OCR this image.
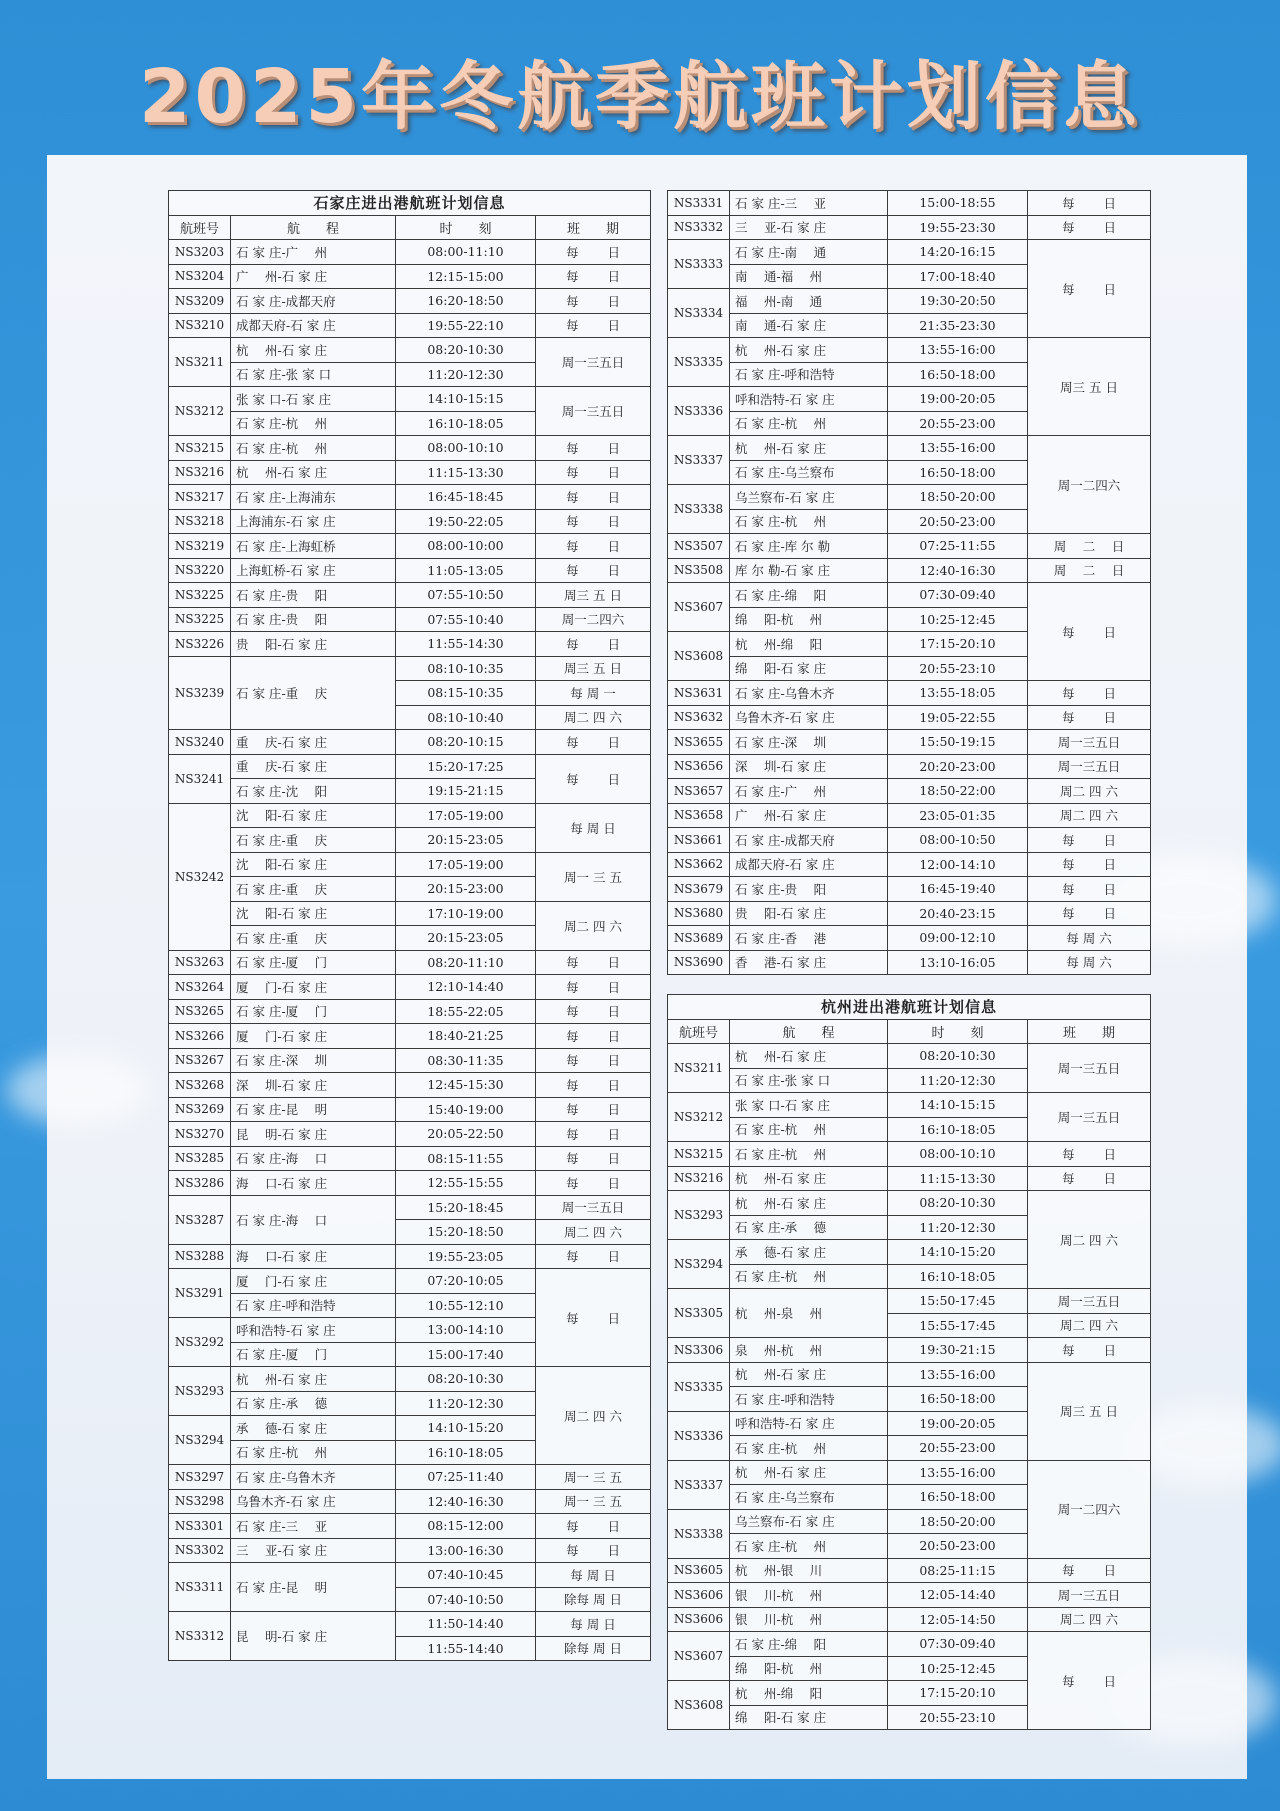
2025年冬航季航班计划信息
石家庄进出港航班计划信息			
航班号	航　　程	时　　刻	班　　期
NS3203	石 家 庄-广　 州	08:00-11:10	每　　 日
NS3204	广　 州-石 家 庄	12:15-15:00	每　　 日
NS3209	石 家 庄-成都天府	16:20-18:50	每　　 日
NS3210	成都天府-石 家 庄	19:55-22:10	每　　 日
NS3211	杭　 州-石 家 庄	08:20-10:30	周一三五日
	石 家 庄-张 家 口	11:20-12:30	
NS3212	张 家 口-石 家 庄	14:10-15:15	周一三五日
	石 家 庄-杭　 州	16:10-18:05	
NS3215	石 家 庄-杭　 州	08:00-10:10	每　　 日
NS3216	杭　 州-石 家 庄	11:15-13:30	每　　 日
NS3217	石 家 庄-上海浦东	16:45-18:45	每　　 日
NS3218	上海浦东-石 家 庄	19:50-22:05	每　　 日
NS3219	石 家 庄-上海虹桥	08:00-10:00	每　　 日
NS3220	上海虹桥-石 家 庄	11:05-13:05	每　　 日
NS3225	石 家 庄-贵　 阳	07:55-10:50	周三 五 日
NS3225	石 家 庄-贵　 阳	07:55-10:40	周一二四六
NS3226	贵　 阳-石 家 庄	11:55-14:30	每　　 日
NS3239	石 家 庄-重　 庆	08:10-10:35	周三 五 日
		08:15-10:35	每 周 一
		08:10-10:40	周二 四 六
NS3240	重　 庆-石 家 庄	08:20-10:15	每　　 日
NS3241	重　 庆-石 家 庄	15:20-17:25	每　　 日
	石 家 庄-沈　 阳	19:15-21:15	
NS3242	沈　 阳-石 家 庄	17:05-19:00	每 周 日
	石 家 庄-重　 庆	20:15-23:05	
	沈　 阳-石 家 庄	17:05-19:00	周一 三 五
	石 家 庄-重　 庆	20:15-23:00	
	沈　 阳-石 家 庄	17:10-19:00	周二 四 六
	石 家 庄-重　 庆	20:15-23:05	
NS3263	石 家 庄-厦　 门	08:20-11:10	每　　 日
NS3264	厦　 门-石 家 庄	12:10-14:40	每　　 日
NS3265	石 家 庄-厦　 门	18:55-22:05	每　　 日
NS3266	厦　 门-石 家 庄	18:40-21:25	每　　 日
NS3267	石 家 庄-深　 圳	08:30-11:35	每　　 日
NS3268	深　 圳-石 家 庄	12:45-15:30	每　　 日
NS3269	石 家 庄-昆　 明	15:40-19:00	每　　 日
NS3270	昆　 明-石 家 庄	20:05-22:50	每　　 日
NS3285	石 家 庄-海　 口	08:15-11:55	每　　 日
NS3286	海　 口-石 家 庄	12:55-15:55	每　　 日
NS3287	石 家 庄-海　 口	15:20-18:45	周一三五日
		15:20-18:50	周二 四 六
NS3288	海　 口-石 家 庄	19:55-23:05	每　　 日
NS3291	厦　 门-石 家 庄	07:20-10:05	每　　 日
	石 家 庄-呼和浩特	10:55-12:10	
NS3292	呼和浩特-石 家 庄	13:00-14:10	
	石 家 庄-厦　 门	15:00-17:40	
NS3293	杭　 州-石 家 庄	08:20-10:30	周二 四 六
	石 家 庄-承　 德	11:20-12:30	
NS3294	承　 德-石 家 庄	14:10-15:20	
	石 家 庄-杭　 州	16:10-18:05	
NS3297	石 家 庄-乌鲁木齐	07:25-11:40	周一 三 五
NS3298	乌鲁木齐-石 家 庄	12:40-16:30	周一 三 五
NS3301	石 家 庄-三　 亚	08:15-12:00	每　　 日
NS3302	三　 亚-石 家 庄	13:00-16:30	每　　 日
NS3311	石 家 庄-昆　 明	07:40-10:45	每 周 日
		07:40-10:50	除每 周 日
NS3312	昆　 明-石 家 庄	11:50-14:40	每 周 日
		11:55-14:40	除每 周 日
NS3331	石 家 庄-三　 亚	15:00-18:55	每　　 日
NS3332	三　 亚-石 家 庄	19:55-23:30	每　　 日
NS3333	石 家 庄-南　 通	14:20-16:15	每　　 日
	南　 通-福　 州	17:00-18:40	
NS3334	福　 州-南　 通	19:30-20:50	
	南　 通-石 家 庄	21:35-23:30	
NS3335	杭　 州-石 家 庄	13:55-16:00	周三 五 日
	石 家 庄-呼和浩特	16:50-18:00	
NS3336	呼和浩特-石 家 庄	19:00-20:05	
	石 家 庄-杭　 州	20:55-23:00	
NS3337	杭　 州-石 家 庄	13:55-16:00	周一二四六
	石 家 庄-乌兰察布	16:50-18:00	
NS3338	乌兰察布-石 家 庄	18:50-20:00	
	石 家 庄-杭　 州	20:50-23:00	
NS3507	石 家 庄-库 尔 勒	07:25-11:55	周　 二　 日
NS3508	库 尔 勒-石 家 庄	12:40-16:30	周　 二　 日
NS3607	石 家 庄-绵　 阳	07:30-09:40	每　　 日
	绵　 阳-杭　 州	10:25-12:45	
NS3608	杭　 州-绵　 阳	17:15-20:10	
	绵　 阳-石 家 庄	20:55-23:10	
NS3631	石 家 庄-乌鲁木齐	13:55-18:05	每　　 日
NS3632	乌鲁木齐-石 家 庄	19:05-22:55	每　　 日
NS3655	石 家 庄-深　 圳	15:50-19:15	周一三五日
NS3656	深　 圳-石 家 庄	20:20-23:00	周一三五日
NS3657	石 家 庄-广　 州	18:50-22:00	周二 四 六
NS3658	广　 州-石 家 庄	23:05-01:35	周二 四 六
NS3661	石 家 庄-成都天府	08:00-10:50	每　　 日
NS3662	成都天府-石 家 庄	12:00-14:10	每　　 日
NS3679	石 家 庄-贵　 阳	16:45-19:40	每　　 日
NS3680	贵　 阳-石 家 庄	20:40-23:15	每　　 日
NS3689	石 家 庄-香　 港	09:00-12:10	每 周 六
NS3690	香　 港-石 家 庄	13:10-16:05	每 周 六
杭州进出港航班计划信息			
航班号	航　　程	时　　刻	班　　期
NS3211	杭　 州-石 家 庄	08:20-10:30	周一三五日
	石 家 庄-张 家 口	11:20-12:30	
NS3212	张 家 口-石 家 庄	14:10-15:15	周一三五日
	石 家 庄-杭　 州	16:10-18:05	
NS3215	石 家 庄-杭　 州	08:00-10:10	每　　 日
NS3216	杭　 州-石 家 庄	11:15-13:30	每　　 日
NS3293	杭　 州-石 家 庄	08:20-10:30	周二 四 六
	石 家 庄-承　 德	11:20-12:30	
NS3294	承　 德-石 家 庄	14:10-15:20	
	石 家 庄-杭　 州	16:10-18:05	
NS3305	杭　 州-泉　 州	15:50-17:45	周一三五日
		15:55-17:45	周二 四 六
NS3306	泉　 州-杭　 州	19:30-21:15	每　　 日
NS3335	杭　 州-石 家 庄	13:55-16:00	周三 五 日
	石 家 庄-呼和浩特	16:50-18:00	
NS3336	呼和浩特-石 家 庄	19:00-20:05	
	石 家 庄-杭　 州	20:55-23:00	
NS3337	杭　 州-石 家 庄	13:55-16:00	周一二四六
	石 家 庄-乌兰察布	16:50-18:00	
NS3338	乌兰察布-石 家 庄	18:50-20:00	
	石 家 庄-杭　 州	20:50-23:00	
NS3605	杭　 州-银　 川	08:25-11:15	每　　 日
NS3606	银　 川-杭　 州	12:05-14:40	周一三五日
NS3606	银　 川-杭　 州	12:05-14:50	周二 四 六
NS3607	石 家 庄-绵　 阳	07:30-09:40	每　　 日
	绵　 阳-杭　 州	10:25-12:45	
NS3608	杭　 州-绵　 阳	17:15-20:10	
	绵　 阳-石 家 庄	20:55-23:10	
